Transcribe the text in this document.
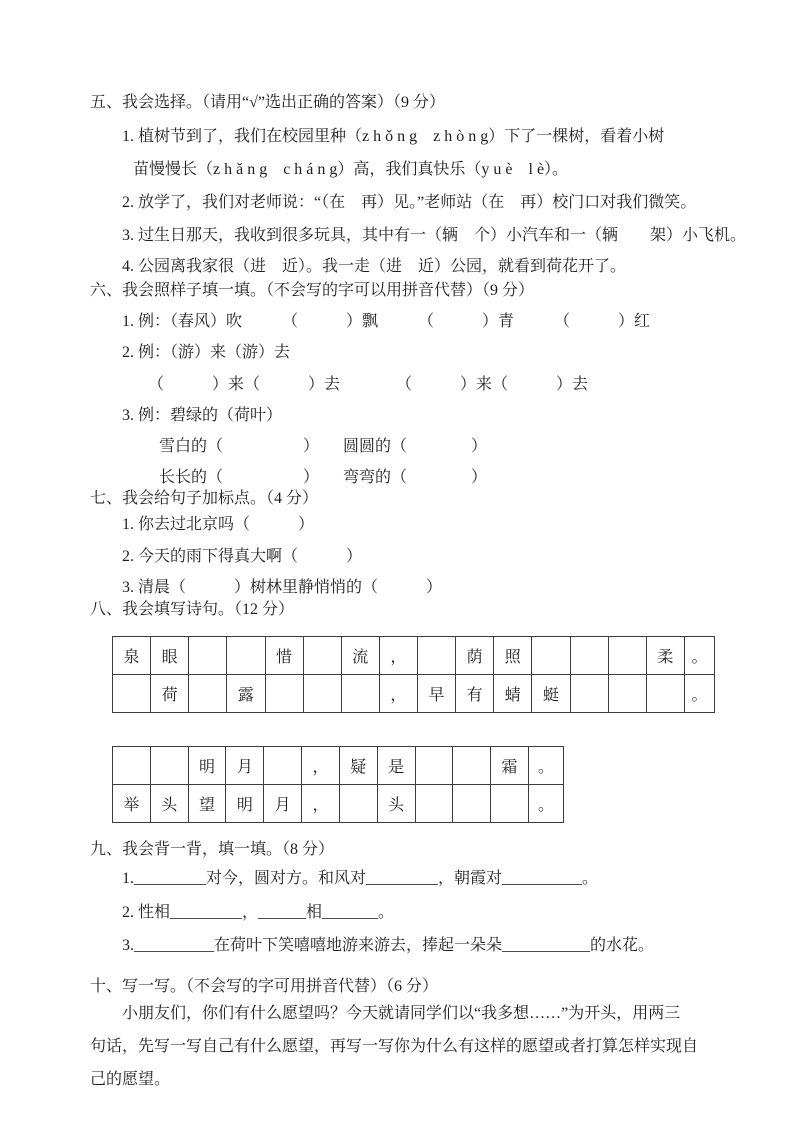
五、我会选择。（请用“√”选出正确的答案）（9 分）
1. 植树节到了，我们在校园里种（z h ǒ n g　z h ò n g）下了一棵树，看着小树
苗慢慢长（z h ǎ n g　c h á n g）高，我们真快乐（y u è　l è）。
2. 放学了，我们对老师说：“（在　再）见。”老师站（在　再）校门口对我们微笑。
3. 过生日那天，我收到很多玩具，其中有一（辆　个）小汽车和一（辆　　架）小飞机。
4. 公园离我家很（进　近）。我一走（进　近）公园，就看到荷花开了。
六、我会照样子填一填。（不会写的字可以用拼音代替）（9 分）
1. 例：（春风）吹　　　（　　　）飘　　　（　　　）青　　　（　　　）红
2. 例：（游）来（游）去
（　　　）来（　　　）去　　　　（　　　）来（　　　）去
3. 例：碧绿的（荷叶）
雪白的（　　　　　）　　圆圆的（　　　　）
长长的（　　　　　）　　弯弯的（　　　　）
七、我会给句子加标点。（4 分）
1. 你去过北京吗（　　　）
2. 今天的雨下得真大啊（　　　）
3. 清晨（　　　）树林里静悄悄的（　　　）
八、我会填写诗句。（12 分）
泉	眼			惜		流	，		荫	照				柔	。
	荷		露				，	早	有	蜻	蜓				。
		明	月		，	疑	是			霜	。
举	头	望	明	月	，		头				。
九、我会背一背，填一填。（8 分）
1._________对今，圆对方。和风对_________，朝霞对__________。
2. 性相_________，______相_______。
3.__________在荷叶下笑嘻嘻地游来游去，捧起一朵朵___________的水花。
十、写一写。（不会写的字可用拼音代替）（6 分）
小朋友们，你们有什么愿望吗？今天就请同学们以“我多想……”为开头，用两三
句话，先写一写自己有什么愿望，再写一写你为什么有这样的愿望或者打算怎样实现自
己的愿望。
